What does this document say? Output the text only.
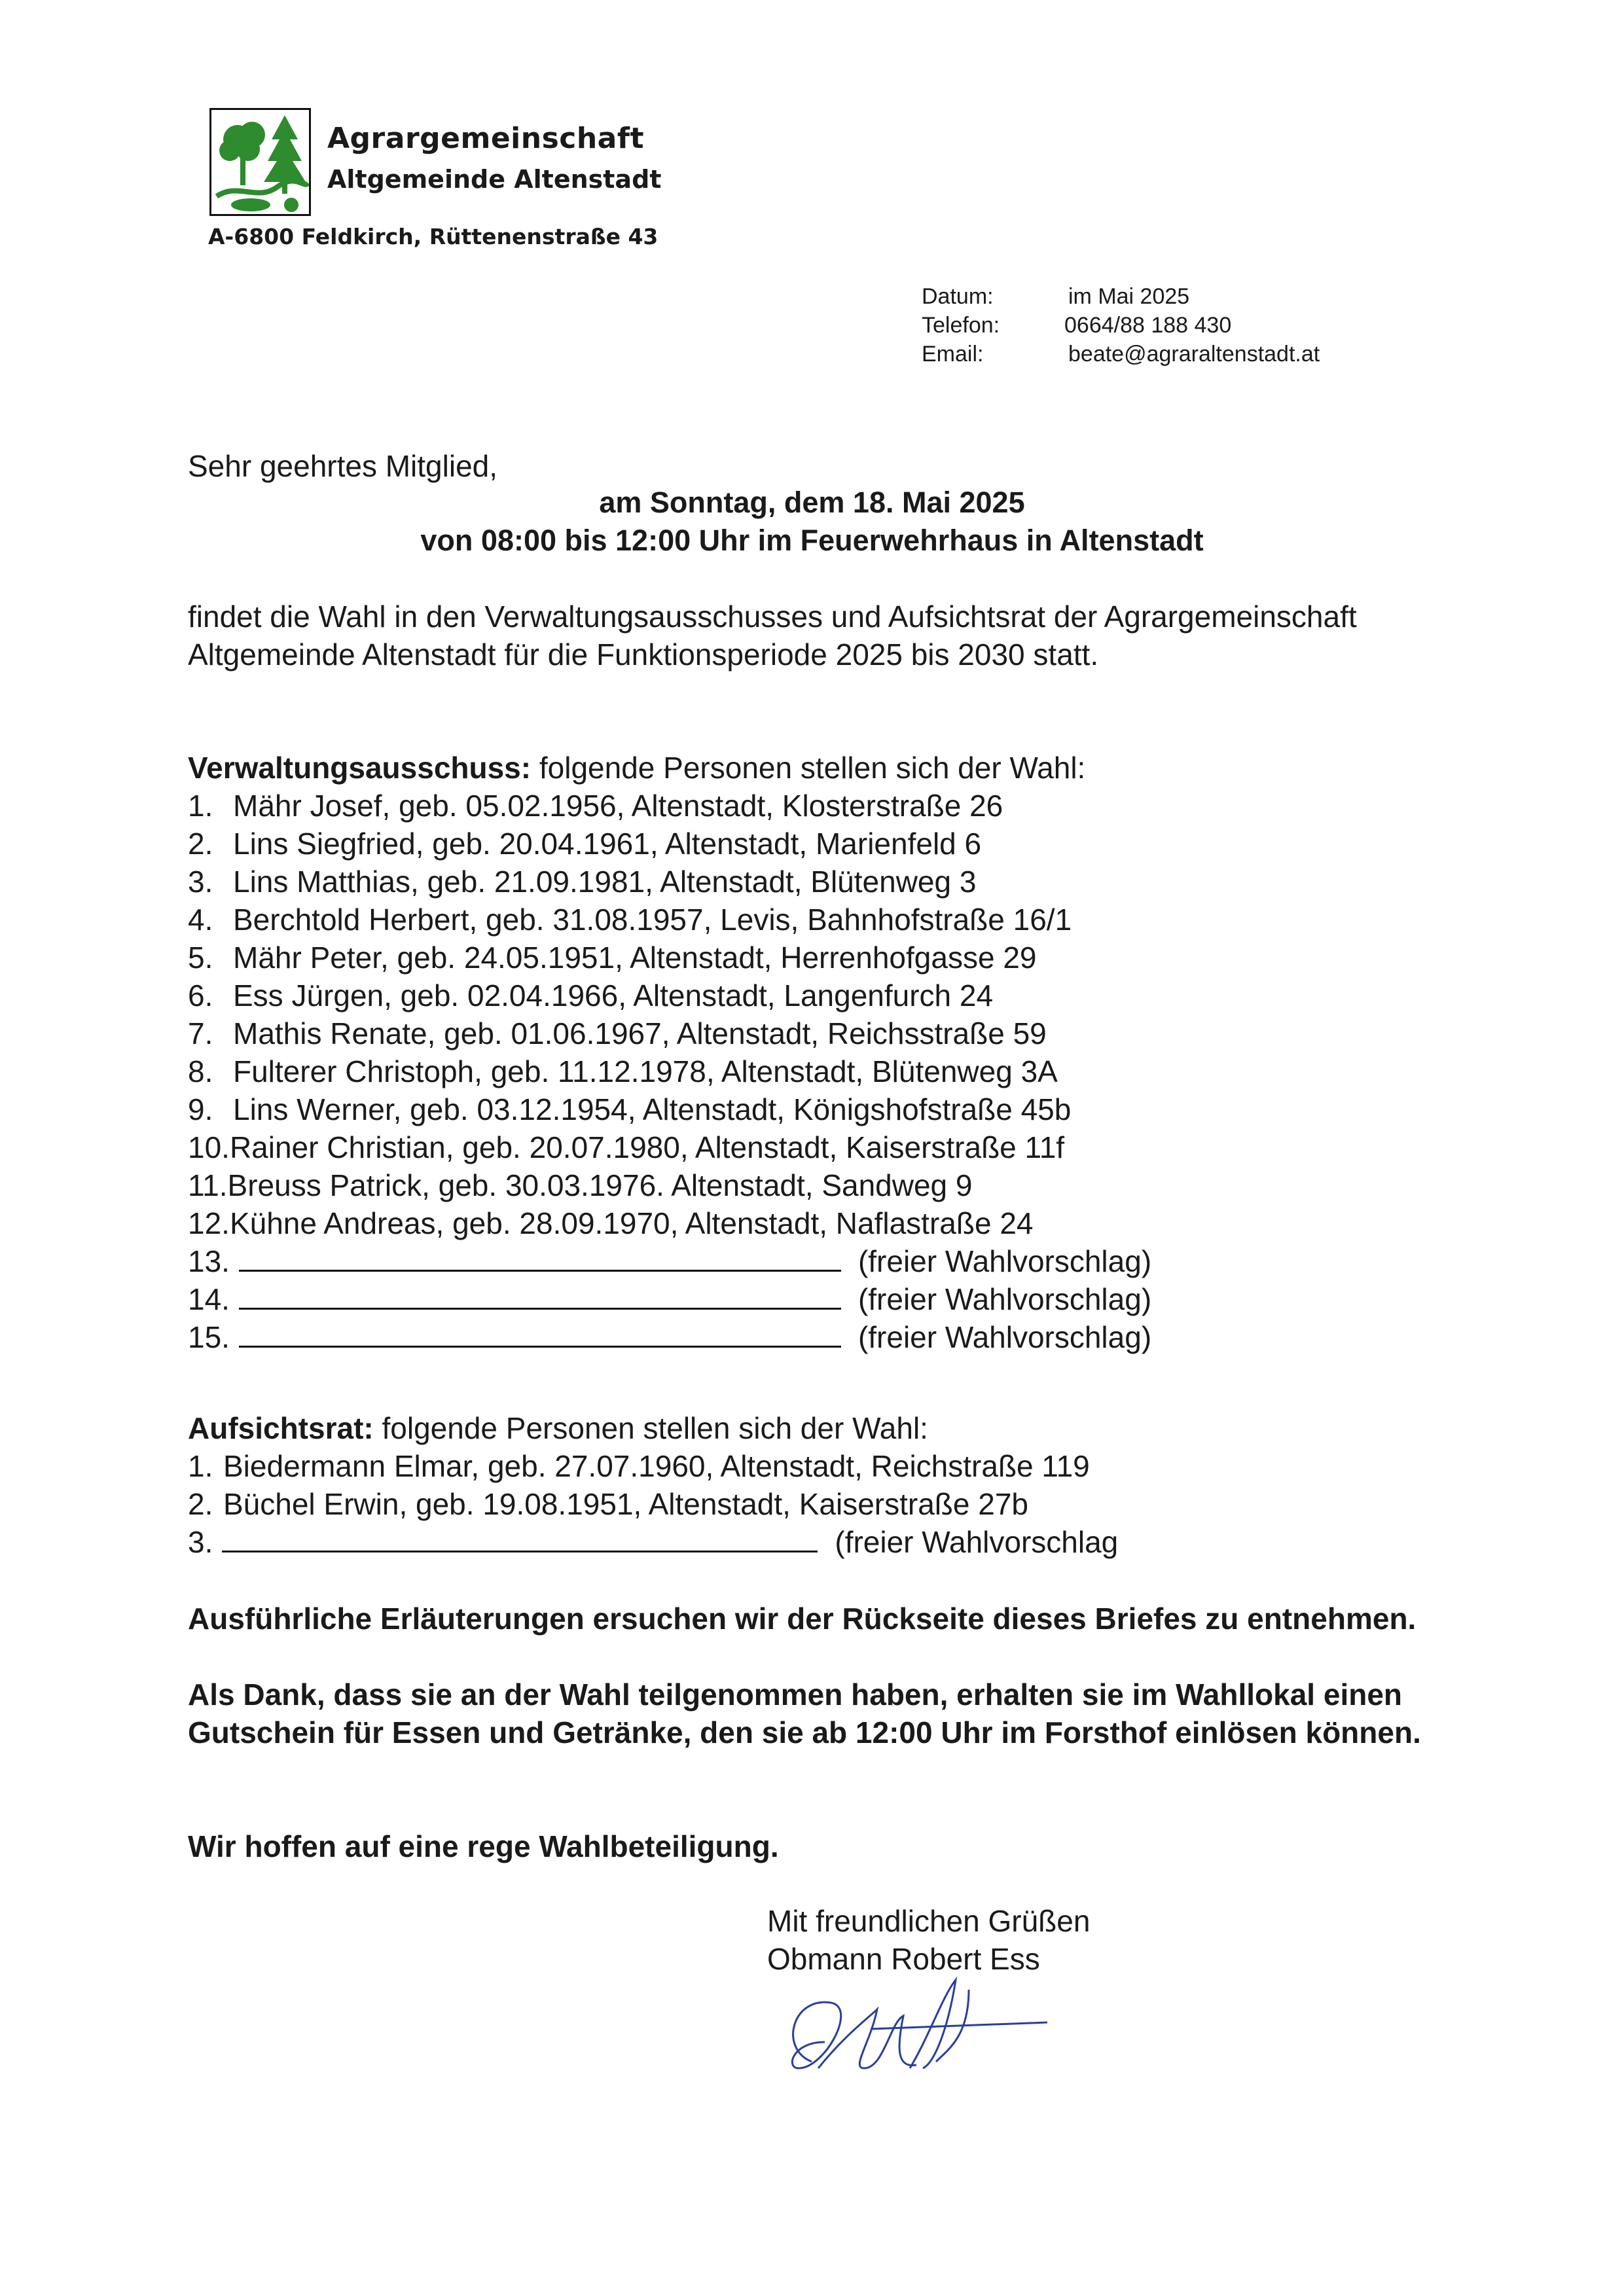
Agrargemeinschaft
Altgemeinde Altenstadt
A-6800 Feldkirch, Rüttenenstraße 43
Datum:	im Mai 2025
Telefon:	0664/88 188 430
Email:	beate@agraraltenstadt.at
Sehr geehrtes Mitglied,
am Sonntag, dem 18. Mai 2025
von 08:00 bis 12:00 Uhr im Feuerwehrhaus in Altenstadt

findet die Wahl in den Verwaltungsausschusses und Aufsichtsrat der Agrargemeinschaft Altgemeinde Altenstadt für die Funktionsperiode 2025 bis 2030 statt.

Verwaltungsausschuss: folgende Personen stellen sich der Wahl:
1. Mähr Josef, geb. 05.02.1956, Altenstadt, Klosterstraße 26
2. Lins Siegfried, geb. 20.04.1961, Altenstadt, Marienfeld 6
3. Lins Matthias, geb. 21.09.1981, Altenstadt, Blütenweg 3
4. Berchtold Herbert, geb. 31.08.1957, Levis, Bahnhofstraße 16/1
5. Mähr Peter, geb. 24.05.1951, Altenstadt, Herrenhofgasse 29
6. Ess Jürgen, geb. 02.04.1966, Altenstadt, Langenfurch 24
7. Mathis Renate, geb. 01.06.1967, Altenstadt, Reichsstraße 59
8. Fulterer Christoph, geb. 11.12.1978, Altenstadt, Blütenweg 3A
9. Lins Werner, geb. 03.12.1954, Altenstadt, Königshofstraße 45b
10.Rainer Christian, geb. 20.07.1980, Altenstadt, Kaiserstraße 11f
11.Breuss Patrick, geb. 30.03.1976. Altenstadt, Sandweg 9
12.Kühne Andreas, geb. 28.09.1970, Altenstadt, Naflastraße 24
13.	(freier Wahlvorschlag)
14.	(freier Wahlvorschlag)
15.	(freier Wahlvorschlag)
Aufsichtsrat: folgende Personen stellen sich der Wahl:
1. Biedermann Elmar, geb. 27.07.1960, Altenstadt, Reichstraße 119
2. Büchel Erwin, geb. 19.08.1951, Altenstadt, Kaiserstraße 27b
3.	(freier Wahlvorschlag

Ausführliche Erläuterungen ersuchen wir der Rückseite dieses Briefes zu entnehmen.

Als Dank, dass sie an der Wahl teilgenommen haben, erhalten sie im Wahllokal einen Gutschein für Essen und Getränke, den sie ab 12:00 Uhr im Forsthof einlösen können.

Wir hoffen auf eine rege Wahlbeteiligung.

Mit freundlichen Grüßen
Obmann Robert Ess
